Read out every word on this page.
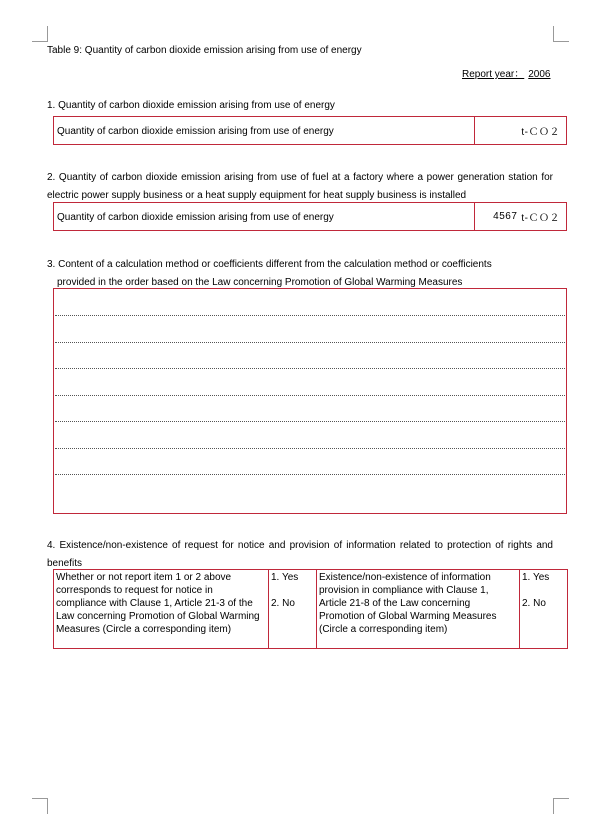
Table 9: Quantity of carbon dioxide emission arising from use of energy
Report year： 2006
1. Quantity of carbon dioxide emission arising from use of energy
Quantity of carbon dioxide emission arising from use of energy	t-ＣＯ２
2. Quantity of carbon dioxide emission arising from use of fuel at a factory where a power generation station for electric power supply business or a heat supply equipment for heat supply business is installed
Quantity of carbon dioxide emission arising from use of energy	4567 t-ＣＯ２
3. Content of a calculation method or coefficients different from the calculation method or coefficients
provided in the order based on the Law concerning Promotion of Global Warming Measures
4. Existence/non-existence of request for notice and provision of information related to protection of rights and benefits
Whether or not report item 1 or 2 above corresponds to request for notice in compliance with Clause 1, Article 21-3 of the Law concerning Promotion of Global Warming Measures (Circle a corresponding item)
1. Yes
2. No
Existence/non-existence of information provision in compliance with Clause 1, Article 21-8 of the Law concerning Promotion of Global Warming Measures (Circle a corresponding item)
1. Yes
2. No
